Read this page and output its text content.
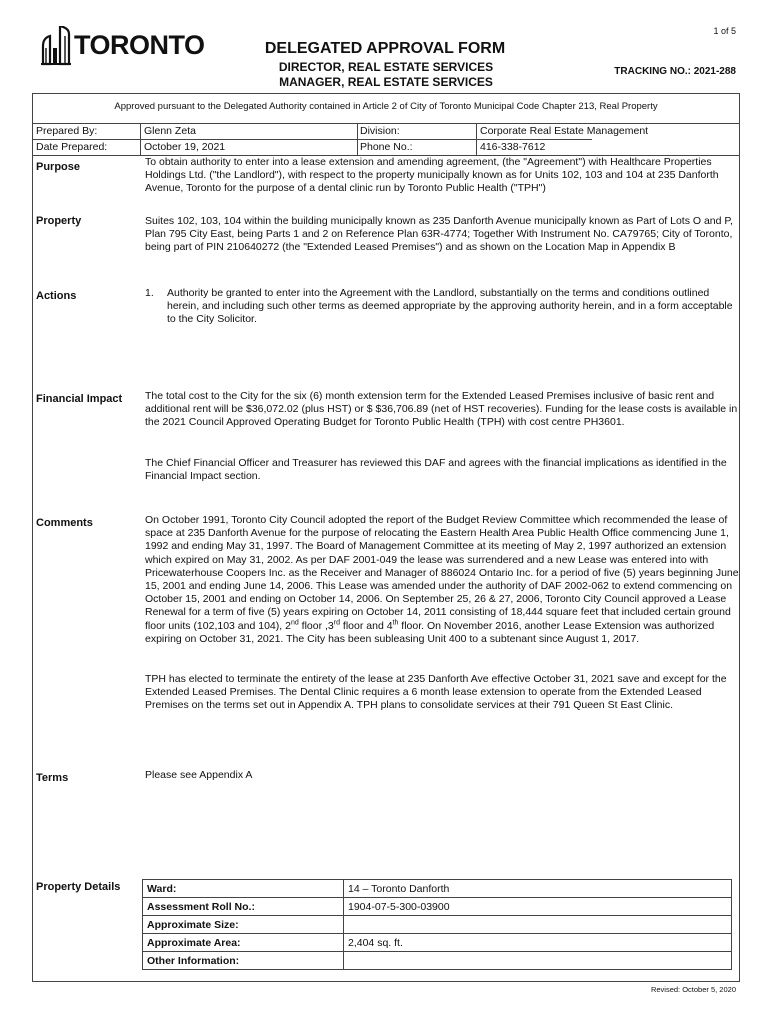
1 of 5
TORONTO	DELEGATED APPROVAL FORM
DIRECTOR, REAL ESTATE SERVICES
MANAGER, REAL ESTATE SERVICES
TRACKING NO.: 2021-288
Approved pursuant to the Delegated Authority contained in Article 2 of City of Toronto Municipal Code Chapter 213, Real Property
Prepared By:	Glenn Zeta	Division:	Corporate Real Estate Management
Date Prepared:	October 19, 2021	Phone No.:	416-338-7612
Purpose	To obtain authority to enter into a lease extension and amending agreement, (the "Agreement") with Healthcare Properties Holdings Ltd. ("the Landlord"), with respect to the property municipally known as for Units 102, 103 and 104 at 235 Danforth Avenue, Toronto for the purpose of a dental clinic run by Toronto Public Health ("TPH")
Property	Suites 102, 103, 104 within the building municipally known as 235 Danforth Avenue municipally known as Part of Lots O and P, Plan 795 City East, being Parts 1 and 2 on Reference Plan 63R-4774; Together With Instrument No. CA79765; City of Toronto, being part of PIN 210640272 (the "Extended Leased Premises") and as shown on the Location Map in Appendix B
Actions	1. Authority be granted to enter into the Agreement with the Landlord, substantially on the terms and conditions outlined herein, and including such other terms as deemed appropriate by the approving authority herein, and in a form acceptable to the City Solicitor.
Financial Impact The total cost to the City for the six (6) month extension term for the Extended Leased Premises inclusive of basic rent and additional rent will be $36,072.02 (plus HST) or $ $36,706.89 (net of HST recoveries). Funding for the lease costs is available in the 2021 Council Approved Operating Budget for Toronto Public Health (TPH) with cost centre PH3601.
The Chief Financial Officer and Treasurer has reviewed this DAF and agrees with the financial implications as identified in the Financial Impact section.
Comments	On October 1991, Toronto City Council adopted the report of the Budget Review Committee which recommended the lease of space at 235 Danforth Avenue for the purpose of relocating the Eastern Health Area Public Health Office commencing June 1, 1992 and ending May 31, 1997. The Board of Management Committee at its meeting of May 2, 1997 authorized an extension which expired on May 31, 2002. As per DAF 2001-049 the lease was surrendered and a new Lease was entered into with Pricewaterhouse Coopers Inc. as the Receiver and Manager of 886024 Ontario Inc. for a period of five (5) years beginning June 15, 2001 and ending June 14, 2006. This Lease was amended under the authority of DAF 2002-062 to extend commencing on October 15, 2001 and ending on October 14, 2006. On September 25, 26 & 27, 2006, Toronto City Council approved a Lease Renewal for a term of five (5) years expiring on October 14, 2011 consisting of 18,444 square feet that included certain ground floor units (102,103 and 104), 2nd floor ,3rd floor and 4th floor. On November 2016, another Lease Extension was authorized expiring on October 31, 2021. The City has been subleasing Unit 400 to a subtenant since August 1, 2017.
TPH has elected to terminate the entirety of the lease at 235 Danforth Ave effective October 31, 2021 save and except for the Extended Leased Premises. The Dental Clinic requires a 6 month lease extension to operate from the Extended Leased Premises on the terms set out in Appendix A. TPH plans to consolidate services at their 791 Queen St East Clinic.
Terms	Please see Appendix A
Property Details	Ward:	14 – Toronto Danforth
Assessment Roll No.:	1904-07-5-300-03900
Approximate Size:	
Approximate Area:	2,404 sq. ft.
Other Information:	
Revised: October 5, 2020
